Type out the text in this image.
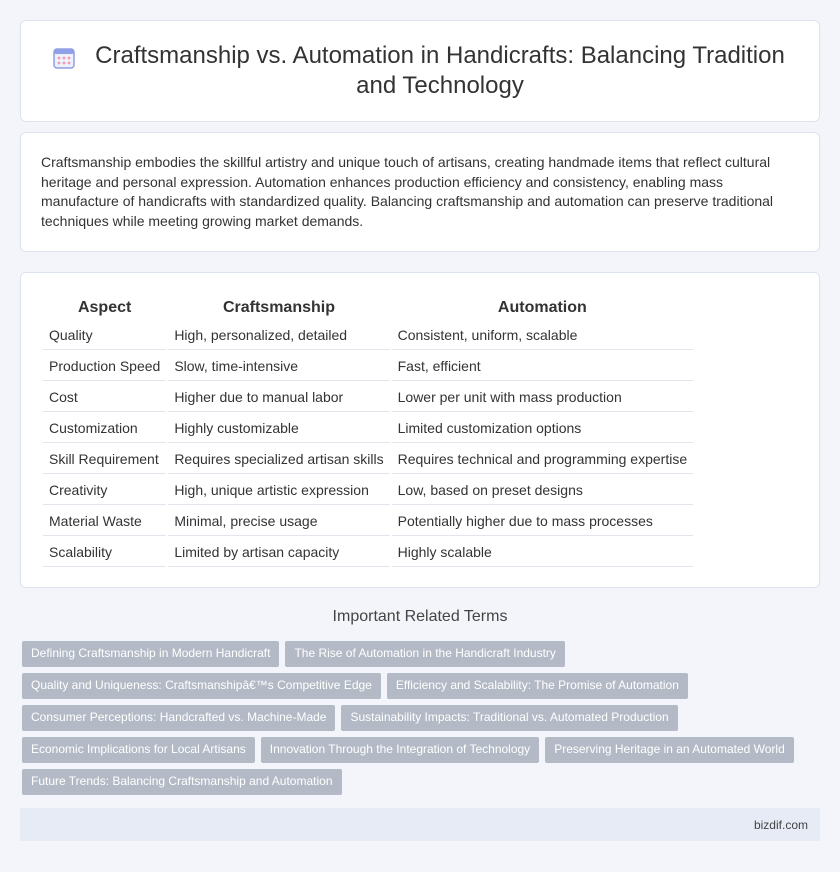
Craftsmanship vs. Automation in Handicrafts: Balancing Tradition and Technology

Craftsmanship embodies the skillful artistry and unique touch of artisans, creating handmade items that reflect cultural heritage and personal expression. Automation enhances production efficiency and consistency, enabling mass manufacture of handicrafts with standardized quality. Balancing craftsmanship and automation can preserve traditional techniques while meeting growing market demands.

Aspect	Craftsmanship	Automation
Quality	High, personalized, detailed	Consistent, uniform, scalable
Production Speed	Slow, time-intensive	Fast, efficient
Cost	Higher due to manual labor	Lower per unit with mass production
Customization	Highly customizable	Limited customization options
Skill Requirement	Requires specialized artisan skills	Requires technical and programming expertise
Creativity	High, unique artistic expression	Low, based on preset designs
Material Waste	Minimal, precise usage	Potentially higher due to mass processes
Scalability	Limited by artisan capacity	Highly scalable
Important Related Terms
Defining Craftsmanship in Modern Handicraft	The Rise of Automation in the Handicraft Industry
Quality and Uniqueness: Craftsmanshipâ€™s Competitive Edge	Efficiency and Scalability: The Promise of Automation
Consumer Perceptions: Handcrafted vs. Machine-Made	Sustainability Impacts: Traditional vs. Automated Production
Economic Implications for Local Artisans	Innovation Through the Integration of Technology	Preserving Heritage in an Automated World
Future Trends: Balancing Craftsmanship and Automation
bizdif.com
